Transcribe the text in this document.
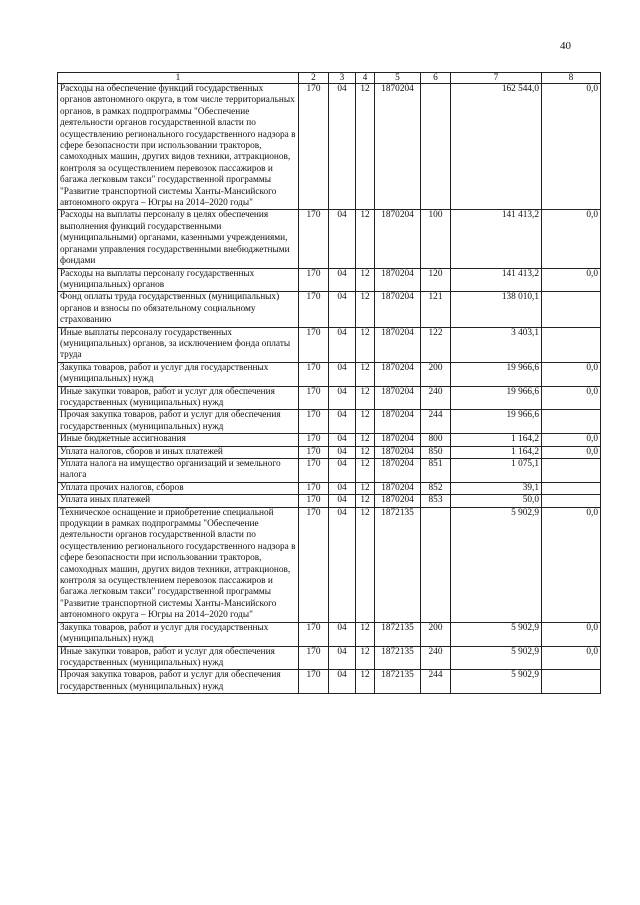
40
1	2	3	4	5	6	7	8
Расходы на обеспечение функций государственных органов автономного округа, в том числе территориальных органов, в рамках подпрограммы "Обеспечение деятельности органов государственной власти по осуществлению регионального государственного надзора в сфере безопасности при использовании тракторов, самоходных машин, других видов техники, аттракционов, контроля за осуществлением перевозок пассажиров и багажа легковым такси" государственной программы "Развитие транспортной системы Ханты-Мансийского автономного округа – Югры на 2014–2020 годы"	170	04	12	1870204		162 544,0	0,0
Расходы на выплаты персоналу в целях обеспечения выполнения функций государственными (муниципальными) органами, казенными учреждениями, органами управления государственными внебюджетными фондами	170	04	12	1870204	100	141 413,2	0,0
Расходы на выплаты персоналу государственных (муниципальных) органов	170	04	12	1870204	120	141 413,2	0,0
Фонд оплаты труда государственных (муниципальных) органов и взносы по обязательному социальному страхованию	170	04	12	1870204	121	138 010,1	
Иные выплаты персоналу государственных (муниципальных) органов, за исключением фонда оплаты труда	170	04	12	1870204	122	3 403,1	
Закупка товаров, работ и услуг для государственных (муниципальных) нужд	170	04	12	1870204	200	19 966,6	0,0
Иные закупки товаров, работ и услуг для обеспечения государственных (муниципальных) нужд	170	04	12	1870204	240	19 966,6	0,0
Прочая закупка товаров, работ и услуг для обеспечения государственных (муниципальных) нужд	170	04	12	1870204	244	19 966,6	
Иные бюджетные ассигнования	170	04	12	1870204	800	1 164,2	0,0
Уплата налогов, сборов и иных платежей	170	04	12	1870204	850	1 164,2	0,0
Уплата налога на имущество организаций и земельного налога	170	04	12	1870204	851	1 075,1	
Уплата прочих налогов, сборов	170	04	12	1870204	852	39,1	
Уплата иных платежей	170	04	12	1870204	853	50,0	
Техническое оснащение и приобретение специальной продукции в рамках подпрограммы "Обеспечение деятельности органов государственной власти по осуществлению регионального государственного надзора в сфере безопасности при использовании тракторов, самоходных машин, других видов техники, аттракционов, контроля за осуществлением перевозок пассажиров и багажа легковым такси" государственной программы "Развитие транспортной системы Ханты-Мансийского автономного округа – Югры на 2014–2020 годы"	170	04	12	1872135		5 902,9	0,0
Закупка товаров, работ и услуг для государственных (муниципальных) нужд	170	04	12	1872135	200	5 902,9	0,0
Иные закупки товаров, работ и услуг для обеспечения государственных (муниципальных) нужд	170	04	12	1872135	240	5 902,9	0,0
Прочая закупка товаров, работ и услуг для обеспечения государственных (муниципальных) нужд	170	04	12	1872135	244	5 902,9	
